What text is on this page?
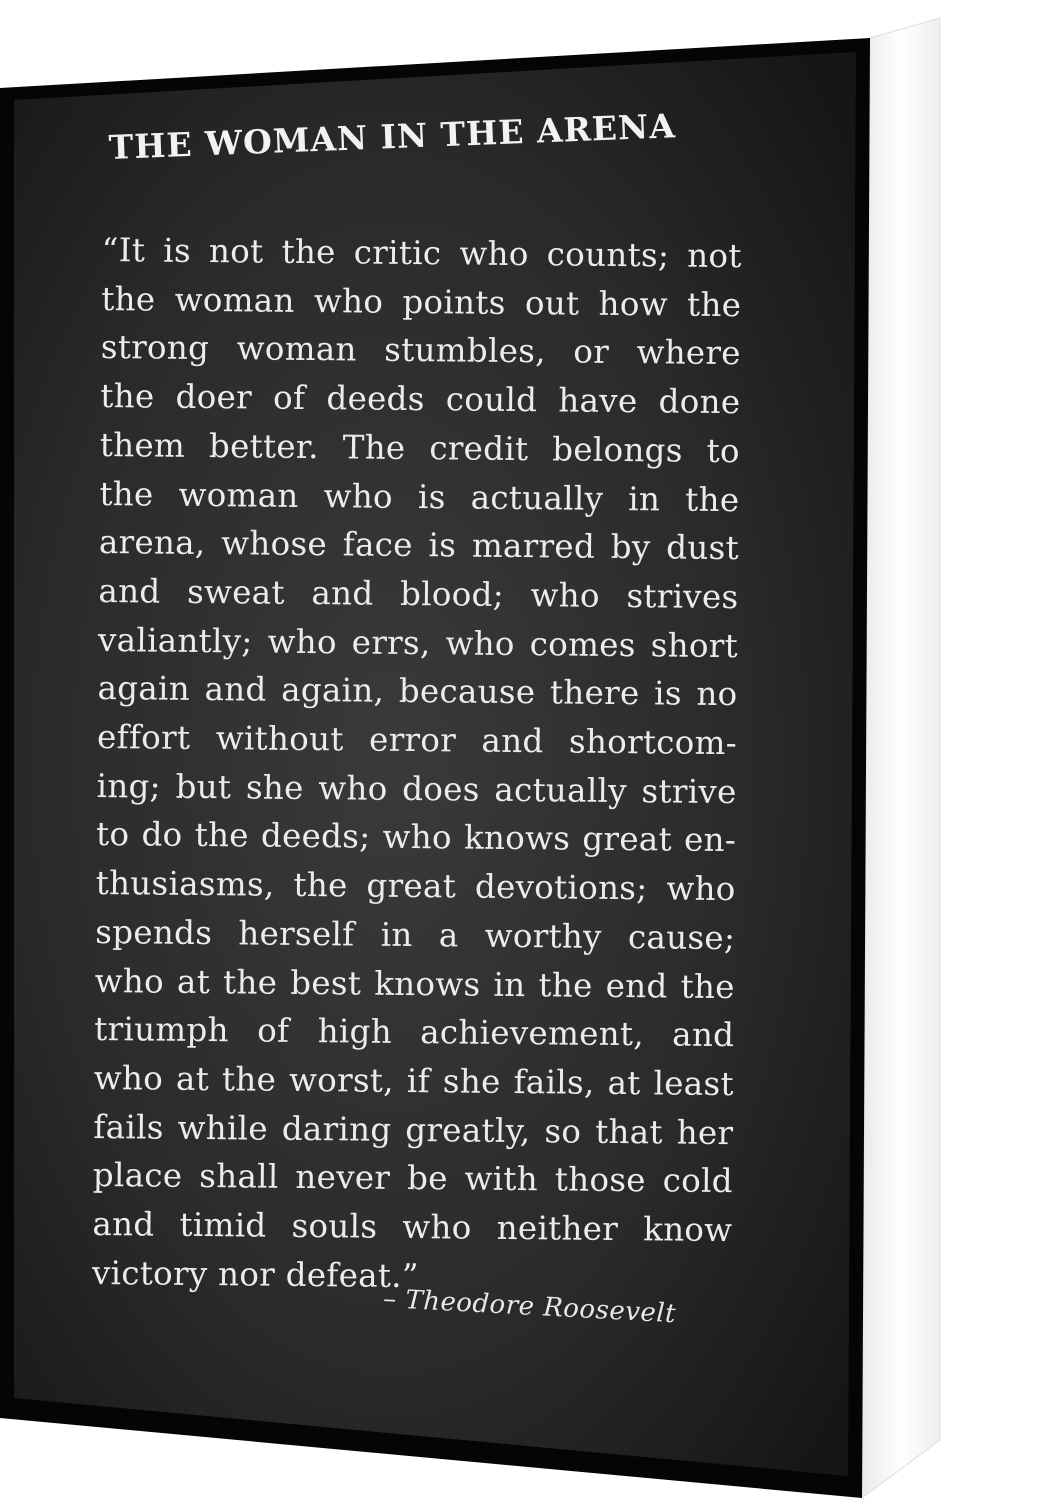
THE WOMAN IN THE ARENA
“It is not the critic who counts; not
the woman who points out how the
strong woman stumbles, or where
the doer of deeds could have done
them better. The credit belongs to
the woman who is actually in the
arena, whose face is marred by dust
and sweat and blood; who strives
valiantly; who errs, who comes short
again and again, because there is no
effort without error and shortcom-
ing; but she who does actually strive
to do the deeds; who knows great en-
thusiasms, the great devotions; who
spends herself in a worthy cause;
who at the best knows in the end the
triumph of high achievement, and
who at the worst, if she fails, at least
fails while daring greatly, so that her
place shall never be with those cold
and timid souls who neither know
victory nor defeat.”

– Theodore Roosevelt
